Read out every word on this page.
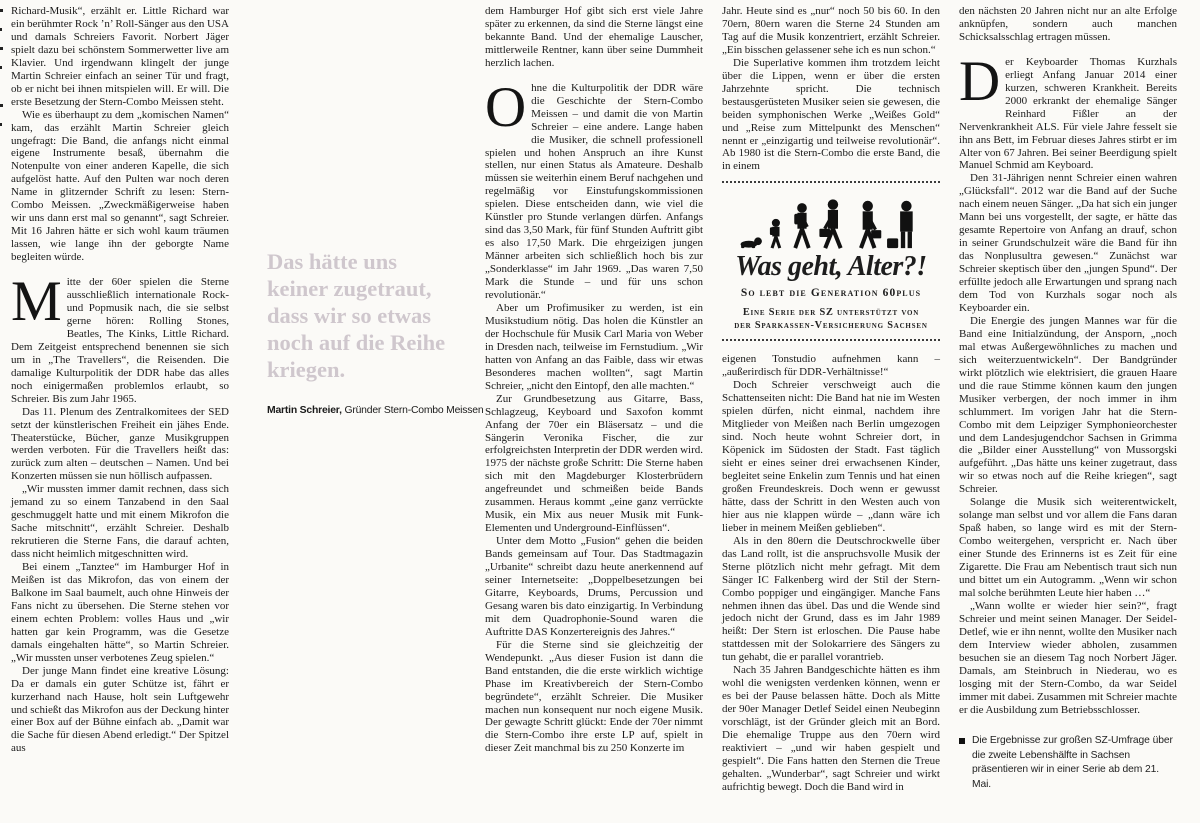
Richard-Musik“, erzählt er. Little Richard war ein berühmter Rock ’n’ Roll-Sänger aus den USA und damals Schreiers Favorit. Norbert Jäger spielt dazu bei schönstem Sommerwetter live am Klavier. Und irgendwann klingelt der junge Martin Schreier einfach an seiner Tür und fragt, ob er nicht bei ihnen mitspielen will. Er will. Die erste Besetzung der Stern-Combo Meissen steht.

Wie es überhaupt zu dem „komischen Namen“ kam, das erzählt Martin Schreier gleich ungefragt: Die Band, die anfangs nicht einmal eigene Instrumente besaß, übernahm die Notenpulte von einer anderen Kapelle, die sich aufgelöst hatte. Auf den Pulten war noch deren Name in glitzernder Schrift zu lesen: Stern-Combo Meissen. „Zweckmäßigerweise haben wir uns dann erst mal so genannt“, sagt Schreier. Mit 16 Jahren hätte er sich wohl kaum träumen lassen, wie lange ihn der geborgte Name begleiten würde.

Mitte der 60er spielen die Sterne ausschließlich internationale Rock- und Popmusik nach, die sie selbst gerne hören: Rolling Stones, Beatles, The Kinks, Little Richard. Dem Zeitgeist entsprechend benennen sie sich um in „The Travellers“, die Reisenden. Die damalige Kulturpolitik der DDR habe das alles noch einigermaßen problemlos erlaubt, so Schreier. Bis zum Jahr 1965.

Das 11. Plenum des Zentralkomitees der SED setzt der künstlerischen Freiheit ein jähes Ende. Theaterstücke, Bücher, ganze Musikgruppen werden verboten. Für die Travellers heißt das: zurück zum alten – deutschen – Namen. Und bei Konzerten müssen sie nun höllisch aufpassen.

„Wir mussten immer damit rechnen, dass sich jemand zu so einem Tanzabend in den Saal geschmuggelt hatte und mit einem Mikrofon die Sache mitschnitt“, erzählt Schreier. Deshalb rekrutieren die Sterne Fans, die darauf achten, dass nicht heimlich mitgeschnitten wird.

Bei einem „Tanztee“ im Hamburger Hof in Meißen ist das Mikrofon, das von einem der Balkone im Saal baumelt, auch ohne Hinweis der Fans nicht zu übersehen. Die Sterne stehen vor einem echten Problem: volles Haus und „wir hatten gar kein Programm, was die Gesetze damals eingehalten hätte“, so Martin Schreier. „Wir mussten unser verbotenes Zeug spielen.“

Der junge Mann findet eine kreative Lösung: Da er damals ein guter Schütze ist, fährt er kurzerhand nach Hause, holt sein Luftgewehr und schießt das Mikrofon aus der Deckung hinter einer Box auf der Bühne einfach ab. „Damit war die Sache für diesen Abend erledigt.“ Der Spitzel aus

Das hätte uns keiner zugetraut, dass wir so etwas noch auf die Reihe kriegen.
Martin Schreier, Gründer Stern-Combo Meissen

dem Hamburger Hof gibt sich erst viele Jahre später zu erkennen, da sind die Sterne längst eine bekannte Band. Und der ehemalige Lauscher, mittlerweile Rentner, kann über seine Dummheit herzlich lachen.

Ohne die Kulturpolitik der DDR wäre die Geschichte der Stern-Combo Meissen – und damit die von Martin Schreier – eine andere. Lange haben die Musiker, die schnell professionell spielen und hohen Anspruch an ihre Kunst stellen, nur einen Status als Amateure. Deshalb müssen sie weiterhin einem Beruf nachgehen und regelmäßig vor Einstufungskommissionen spielen. Diese entscheiden dann, wie viel die Künstler pro Stunde verlangen dürfen. Anfangs sind das 3,50 Mark, für fünf Stunden Auftritt gibt es also 17,50 Mark. Die ehrgeizigen jungen Männer arbeiten sich schließlich hoch bis zur „Sonderklasse“ im Jahr 1969. „Das waren 7,50 Mark die Stunde – und für uns schon revolutionär.“

Aber um Profimusiker zu werden, ist ein Musikstudium nötig. Das holen die Künstler an der Hochschule für Musik Carl Maria von Weber in Dresden nach, teilweise im Fernstudium. „Wir hatten von Anfang an das Faible, dass wir etwas Besonderes machen wollten“, sagt Martin Schreier, „nicht den Eintopf, den alle machten.“

Zur Grundbesetzung aus Gitarre, Bass, Schlagzeug, Keyboard und Saxofon kommt Anfang der 70er ein Bläsersatz – und die Sängerin Veronika Fischer, die zur erfolgreichsten Interpretin der DDR werden wird. 1975 der nächste große Schritt: Die Sterne haben sich mit den Magdeburger Klosterbrüdern angefreundet und schmeißen beide Bands zusammen. Heraus kommt „eine ganz verrückte Musik, ein Mix aus neuer Musik mit Funk-Elementen und Underground-Einflüssen“.

Unter dem Motto „Fusion“ gehen die beiden Bands gemeinsam auf Tour. Das Stadtmagazin „Urbanite“ schreibt dazu heute anerkennend auf seiner Internetseite: „Doppelbesetzungen bei Gitarre, Keyboards, Drums, Percussion und Gesang waren bis dato einzigartig. In Verbindung mit dem Quadrophonie-Sound waren die Auftritte DAS Konzertereignis des Jahres.“

Für die Sterne sind sie gleichzeitig der Wendepunkt. „Aus dieser Fusion ist dann die Band entstanden, die die erste wirklich wichtige Phase im Kreativbereich der Stern-Combo begründete“, erzählt Schreier. Die Musiker machen nun konsequent nur noch eigene Musik. Der gewagte Schritt glückt: Ende der 70er nimmt die Stern-Combo ihre erste LP auf, spielt in dieser Zeit manchmal bis zu 250 Konzerte im

Jahr. Heute sind es „nur“ noch 50 bis 60. In den 70ern, 80ern waren die Sterne 24 Stunden am Tag auf die Musik konzentriert, erzählt Schreier. „Ein bisschen gelassener sehe ich es nun schon.“

Die Superlative kommen ihm trotzdem leicht über die Lippen, wenn er über die ersten Jahrzehnte spricht. Die technisch bestausgerüsteten Musiker seien sie gewesen, die beiden symphonischen Werke „Weißes Gold“ und „Reise zum Mittelpunkt des Menschen“ nennt er „einzigartig und teilweise revolutionär“. Ab 1980 ist die Stern-Combo die erste Band, die in einem

Was geht, Alter?!
So lebt die Generation 60plus
Eine Serie der SZ unterstützt von
der Sparkassen-Versicherung Sachsen

eigenen Tonstudio aufnehmen kann – „außerirdisch für DDR-Verhältnisse!“

Doch Schreier verschweigt auch die Schattenseiten nicht: Die Band hat nie im Westen spielen dürfen, nicht einmal, nachdem ihre Mitglieder von Meißen nach Berlin umgezogen sind. Noch heute wohnt Schreier dort, in Köpenick im Südosten der Stadt. Fast täglich sieht er eines seiner drei erwachsenen Kinder, begleitet seine Enkelin zum Tennis und hat einen großen Freundeskreis. Doch wenn er gewusst hätte, dass der Schritt in den Westen auch von hier aus nie klappen würde – „dann wäre ich lieber in meinem Meißen geblieben“.

Als in den 80ern die Deutschrockwelle über das Land rollt, ist die anspruchsvolle Musik der Sterne plötzlich nicht mehr gefragt. Mit dem Sänger IC Falkenberg wird der Stil der Stern-Combo poppiger und eingängiger. Manche Fans nehmen ihnen das übel. Das und die Wende sind jedoch nicht der Grund, dass es im Jahr 1989 heißt: Der Stern ist erloschen. Die Pause habe stattdessen mit der Solokarriere des Sängers zu tun gehabt, die er parallel vorantrieb.

Nach 35 Jahren Bandgeschichte hätten es ihm wohl die wenigsten verdenken können, wenn er es bei der Pause belassen hätte. Doch als Mitte der 90er Manager Detlef Seidel einen Neubeginn vorschlägt, ist der Gründer gleich mit an Bord. Die ehemalige Truppe aus den 70ern wird reaktiviert – „und wir haben gespielt und gespielt“. Die Fans hatten den Sternen die Treue gehalten. „Wunderbar“, sagt Schreier und wirkt aufrichtig bewegt. Doch die Band wird in

den nächsten 20 Jahren nicht nur an alte Erfolge anknüpfen, sondern auch manchen Schicksalsschlag ertragen müssen.

Der Keyboarder Thomas Kurzhals erliegt Anfang Januar 2014 einer kurzen, schweren Krankheit. Bereits 2000 erkrankt der ehemalige Sänger Reinhard Fißler an der Nervenkrankheit ALS. Für viele Jahre fesselt sie ihn ans Bett, im Februar dieses Jahres stirbt er im Alter von 67 Jahren. Bei seiner Beerdigung spielt Manuel Schmid am Keyboard.

Den 31-Jährigen nennt Schreier einen wahren „Glücksfall“. 2012 war die Band auf der Suche nach einem neuen Sänger. „Da hat sich ein junger Mann bei uns vorgestellt, der sagte, er hätte das gesamte Repertoire von Anfang an drauf, schon in seiner Grundschulzeit wäre die Band für ihn das Nonplusultra gewesen.“ Zunächst war Schreier skeptisch über den „jungen Spund“. Der erfüllte jedoch alle Erwartungen und sprang nach dem Tod von Kurzhals sogar noch als Keyboarder ein.

Die Energie des jungen Mannes war für die Band eine Initialzündung, der Ansporn, „noch mal etwas Außergewöhnliches zu machen und sich weiterzuentwickeln“. Der Bandgründer wirkt plötzlich wie elektrisiert, die grauen Haare und die raue Stimme können kaum den jungen Musiker verbergen, der noch immer in ihm schlummert. Im vorigen Jahr hat die Stern-Combo mit dem Leipziger Symphonieorchester und dem Landesjugendchor Sachsen in Grimma die „Bilder einer Ausstellung“ von Mussorgski aufgeführt. „Das hätte uns keiner zugetraut, dass wir so etwas noch auf die Reihe kriegen“, sagt Schreier.

Solange die Musik sich weiterentwickelt, solange man selbst und vor allem die Fans daran Spaß haben, so lange wird es mit der Stern-Combo weitergehen, verspricht er. Nach über einer Stunde des Erinnerns ist es Zeit für eine Zigarette. Die Frau am Nebentisch traut sich nun und bittet um ein Autogramm. „Wenn wir schon mal solche berühmten Leute hier haben …“

„Wann wollte er wieder hier sein?“, fragt Schreier und meint seinen Manager. Der Seidel-Detlef, wie er ihn nennt, wollte den Musiker nach dem Interview wieder abholen, zusammen besuchen sie an diesem Tag noch Norbert Jäger. Damals, am Steinbruch in Niederau, wo es losging mit der Stern-Combo, da war Seidel immer mit dabei. Zusammen mit Schreier machte er die Ausbildung zum Betriebsschlosser.

Die Ergebnisse zur großen SZ-Umfrage über die zweite Lebenshälfte in Sachsen präsentieren wir in einer Serie ab dem 21. Mai.
